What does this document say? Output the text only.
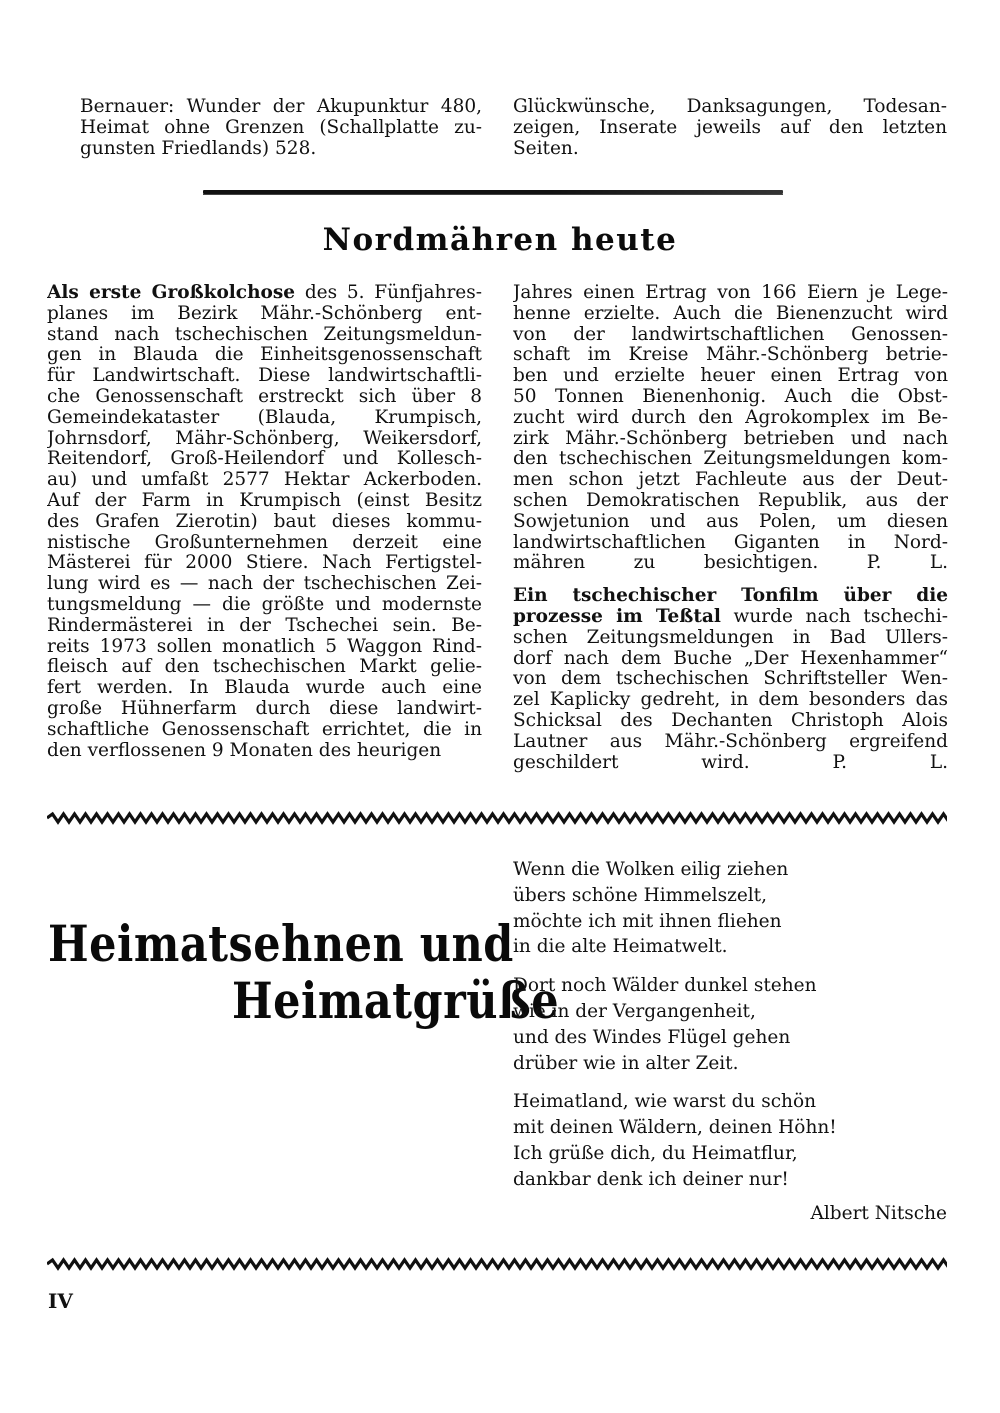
Bernauer: Wunder der Akupunktur 480,
Heimat ohne Grenzen (Schallplatte zu-
gunsten Friedlands) 528.
Glückwünsche, Danksagungen, Todesan-
zeigen, Inserate jeweils auf den letzten
Seiten.
Nordmähren heute
Als erste Großkolchose des 5. Fünfjahres-
planes im Bezirk Mähr.-Schönberg ent-
stand nach tschechischen Zeitungsmeldun-
gen in Blauda die Einheitsgenossenschaft
für Landwirtschaft. Diese landwirtschaftli-
che Genossenschaft erstreckt sich über 8
Gemeindekataster (Blauda, Krumpisch,
Johrnsdorf, Mähr-Schönberg, Weikersdorf,
Reitendorf, Groß-Heilendorf und Kollesch-
au) und umfaßt 2577 Hektar Ackerboden.
Auf der Farm in Krumpisch (einst Besitz
des Grafen Zierotin) baut dieses kommu-
nistische Großunternehmen derzeit eine
Mästerei für 2000 Stiere. Nach Fertigstel-
lung wird es — nach der tschechischen Zei-
tungsmeldung — die größte und modernste
Rindermästerei in der Tschechei sein. Be-
reits 1973 sollen monatlich 5 Waggon Rind-
fleisch auf den tschechischen Markt gelie-
fert werden. In Blauda wurde auch eine
große Hühnerfarm durch diese landwirt-
schaftliche Genossenschaft errichtet, die in
den verflossenen 9 Monaten des heurigen
Jahres einen Ertrag von 166 Eiern je Lege-
henne erzielte. Auch die Bienenzucht wird
von der landwirtschaftlichen Genossen-
schaft im Kreise Mähr.-Schönberg betrie-
ben und erzielte heuer einen Ertrag von
50 Tonnen Bienenhonig. Auch die Obst-
zucht wird durch den Agrokomplex im Be-
zirk Mähr.-Schönberg betrieben und nach
den tschechischen Zeitungsmeldungen kom-
men schon jetzt Fachleute aus der Deut-
schen Demokratischen Republik, aus der
Sowjetunion und aus Polen, um diesen
landwirtschaftlichen Giganten in Nord-
mähren zu besichtigen.	P. L.
Ein tschechischer Tonfilm über die
prozesse im Teßtal wurde nach tschechi-
schen Zeitungsmeldungen in Bad Ullers-
dorf nach dem Buche „Der Hexenhammer“
von dem tschechischen Schriftsteller Wen-
zel Kaplicky gedreht, in dem besonders das
Schicksal des Dechanten Christoph Alois
Lautner aus Mähr.-Schönberg ergreifend
geschildert wird.	P. L.
Heimatsehnen und
Heimatgrüße
Wenn die Wolken eilig ziehen
übers schöne Himmelszelt,
möchte ich mit ihnen fliehen
in die alte Heimatwelt.
Dort noch Wälder dunkel stehen
wie in der Vergangenheit,
und des Windes Flügel gehen
drüber wie in alter Zeit.
Heimatland, wie warst du schön
mit deinen Wäldern, deinen Höhn!
Ich grüße dich, du Heimatflur,
dankbar denk ich deiner nur!
Albert Nitsche
IV
